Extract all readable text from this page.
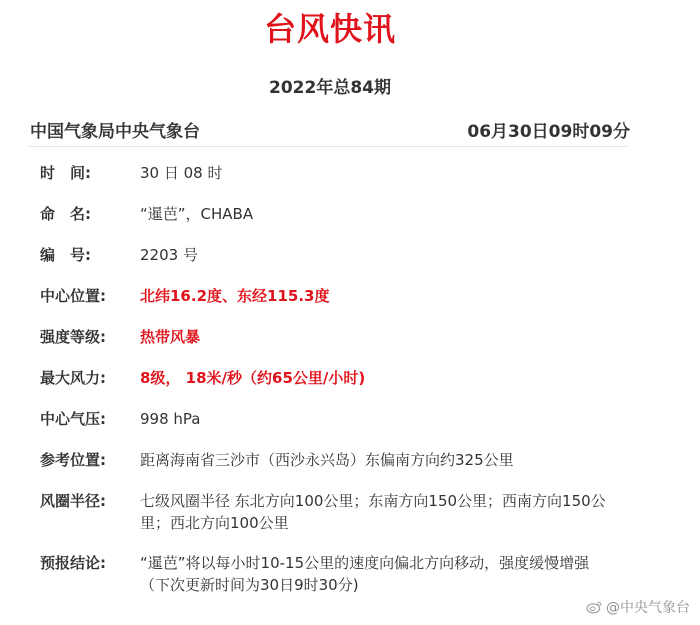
台风快讯
2022年总84期
中国气象局中央气象台	06月30日09时09分
时　间:	30 日 08 时
命　名:	“暹芭”，CHABA
编　号:	2203 号
中心位置:	北纬16.2度、东经115.3度
强度等级:	热带风暴
最大风力:	8级， 18米/秒（约65公里/小时)
中心气压:	998 hPa
参考位置:	距离海南省三沙市（西沙永兴岛）东偏南方向约325公里
风圈半径:	七级风圈半径 东北方向100公里；东南方向150公里；西南方向150公里；西北方向100公里
预报结论:	“暹芭”将以每小时10-15公里的速度向偏北方向移动，强度缓慢增强
（下次更新时间为30日9时30分)
@中央气象台
